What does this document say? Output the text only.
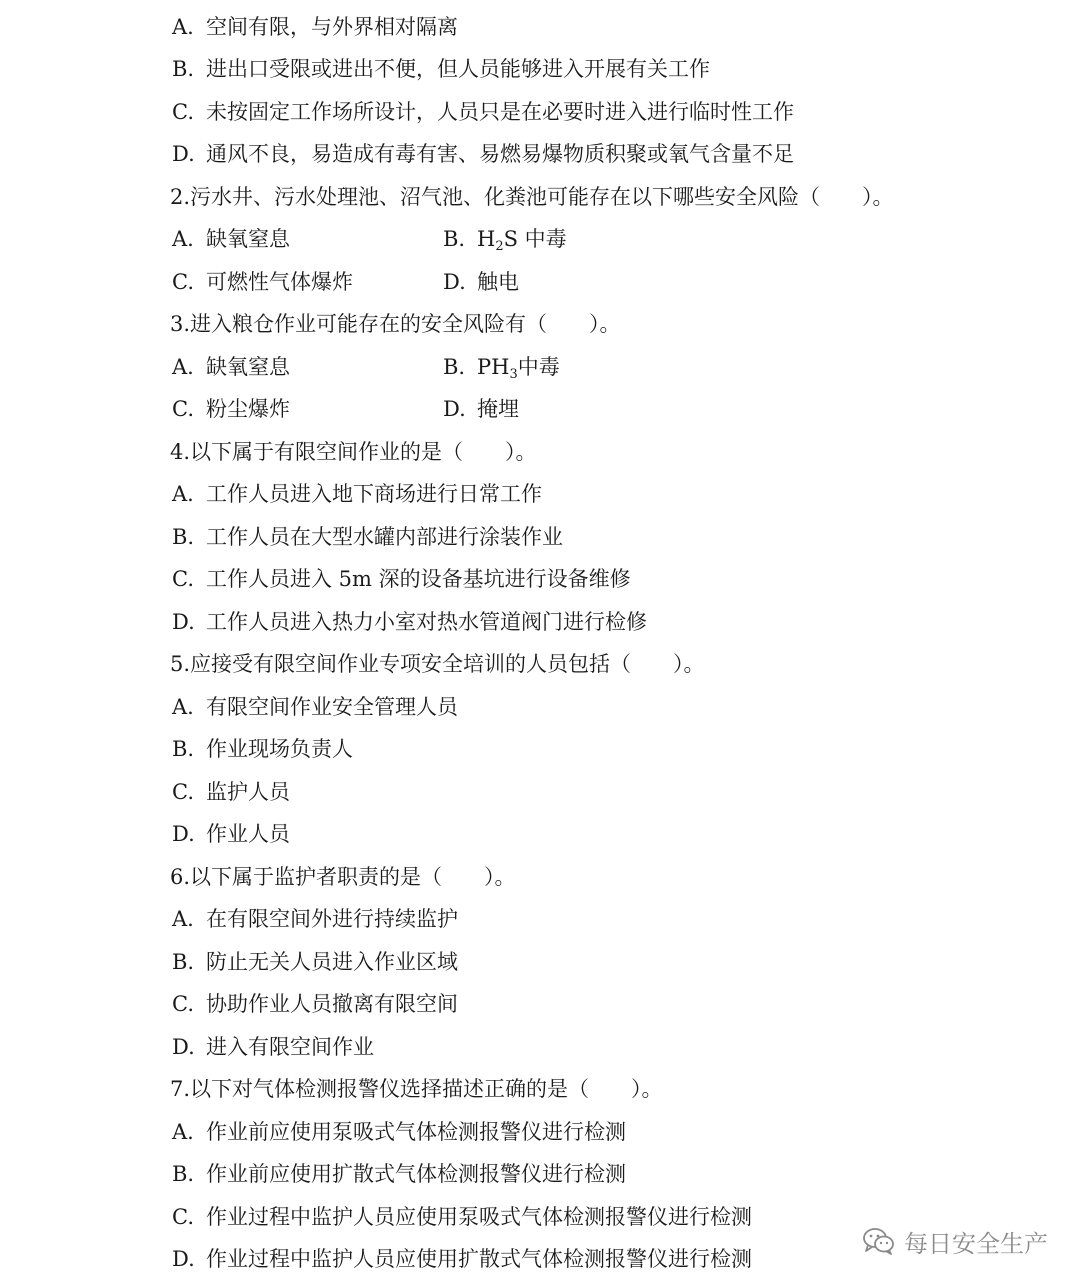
A. 空间有限，与外界相对隔离
B. 进出口受限或进出不便，但人员能够进入开展有关工作
C. 未按固定工作场所设计，人员只是在必要时进入进行临时性工作
D. 通风不良，易造成有毒有害、易燃易爆物质积聚或氧气含量不足
2.污水井、污水处理池、沼气池、化粪池可能存在以下哪些安全风险（　　）。
A. 缺氧窒息	B. $H_2S$ 中毒
C. 可燃性气体爆炸	D. 触电
3.进入粮仓作业可能存在的安全风险有（　　）。
A. 缺氧窒息	B. $PH_3$中毒
C. 粉尘爆炸	D. 掩埋
4.以下属于有限空间作业的是（　　）。
A. 工作人员进入地下商场进行日常工作
B. 工作人员在大型水罐内部进行涂装作业
C. 工作人员进入 5m 深的设备基坑进行设备维修
D. 工作人员进入热力小室对热水管道阀门进行检修
5.应接受有限空间作业专项安全培训的人员包括（　　）。
A. 有限空间作业安全管理人员
B. 作业现场负责人
C. 监护人员
D. 作业人员
6.以下属于监护者职责的是（　　）。
A. 在有限空间外进行持续监护
B. 防止无关人员进入作业区域
C. 协助作业人员撤离有限空间
D. 进入有限空间作业
7.以下对气体检测报警仪选择描述正确的是（　　）。
A. 作业前应使用泵吸式气体检测报警仪进行检测
B. 作业前应使用扩散式气体检测报警仪进行检测
C. 作业过程中监护人员应使用泵吸式气体检测报警仪进行检测
D. 作业过程中监护人员应使用扩散式气体检测报警仪进行检测
每日安全生产
